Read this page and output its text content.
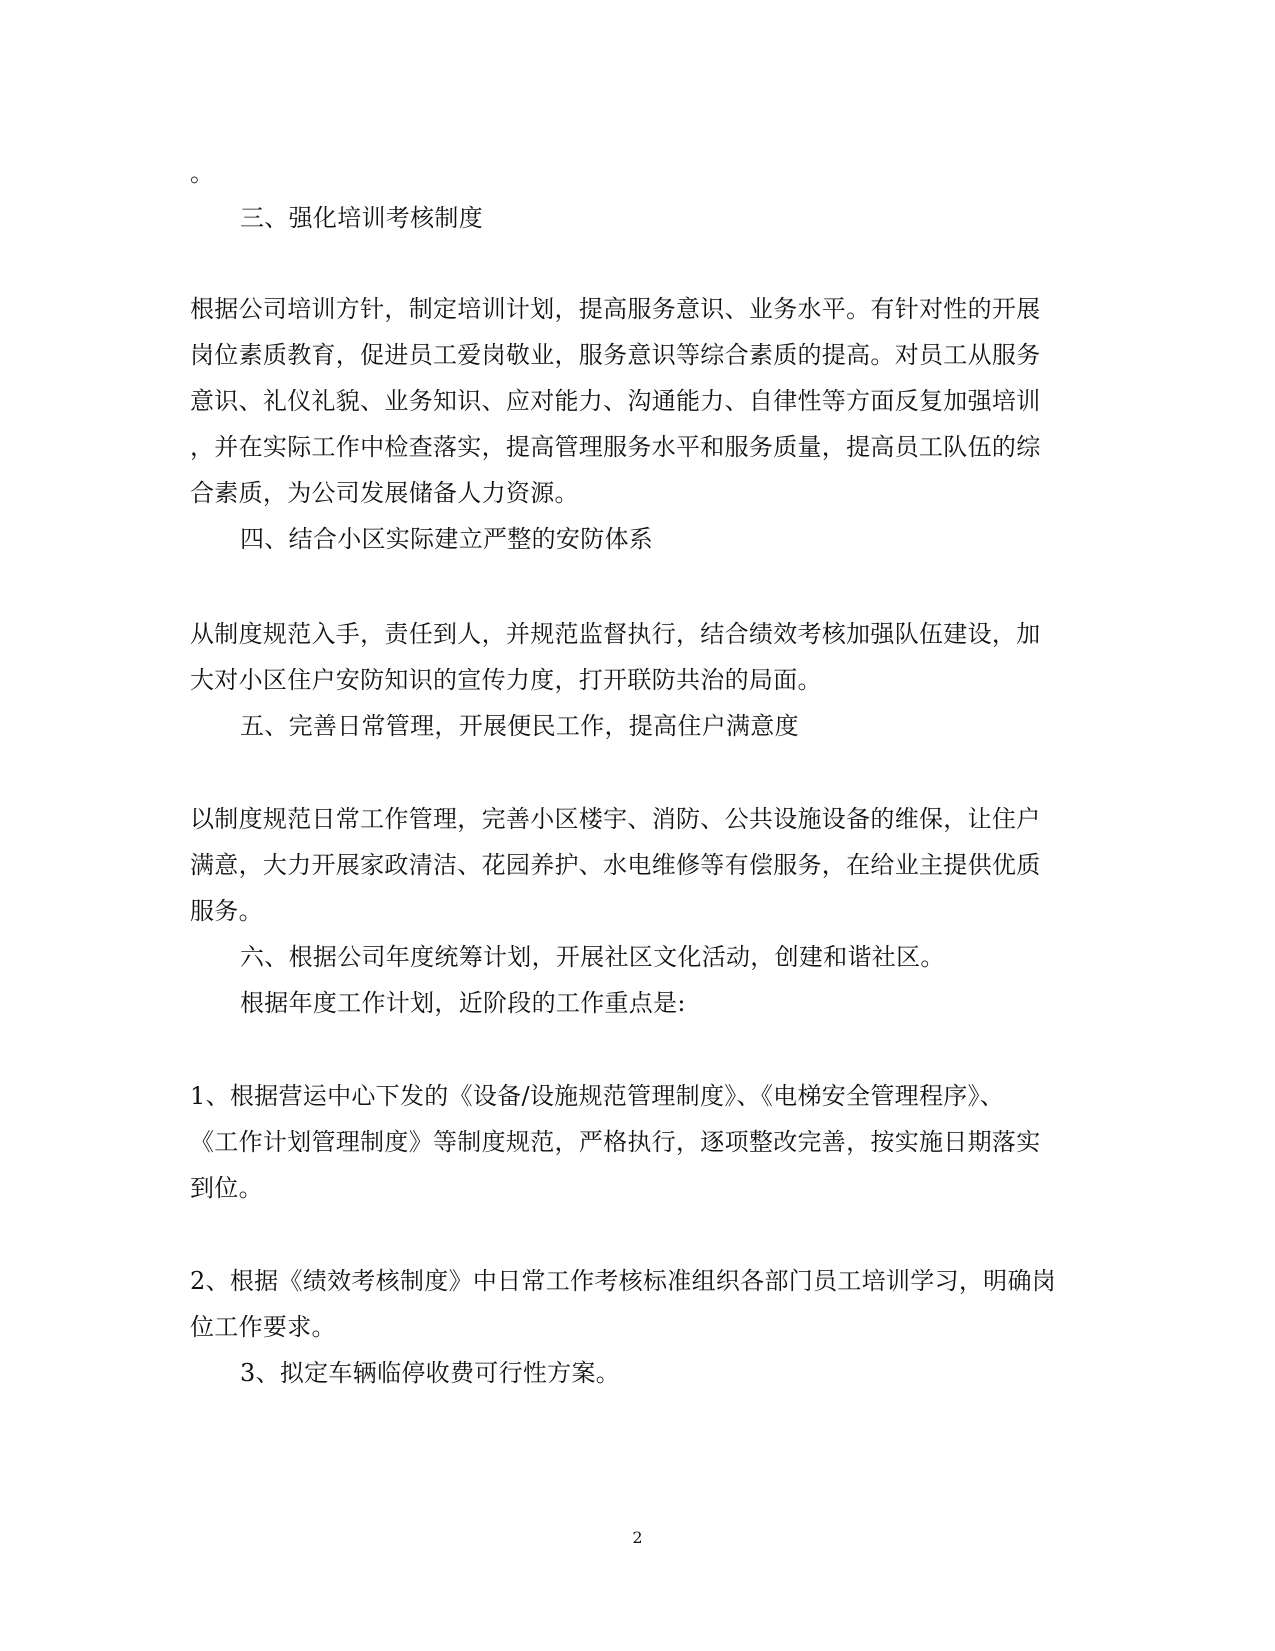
。
三、强化培训考核制度
根据公司培训方针，制定培训计划，提高服务意识、业务水平。有针对性的开展
岗位素质教育，促进员工爱岗敬业，服务意识等综合素质的提高。对员工从服务
意识、礼仪礼貌、业务知识、应对能力、沟通能力、自律性等方面反复加强培训
，并在实际工作中检查落实，提高管理服务水平和服务质量，提高员工队伍的综
合素质，为公司发展储备人力资源。
四、结合小区实际建立严整的安防体系
从制度规范入手，责任到人，并规范监督执行，结合绩效考核加强队伍建设，加
大对小区住户安防知识的宣传力度，打开联防共治的局面。
五、完善日常管理，开展便民工作，提高住户满意度
以制度规范日常工作管理，完善小区楼宇、消防、公共设施设备的维保，让住户
满意，大力开展家政清洁、花园养护、水电维修等有偿服务，在给业主提供优质
服务。
六、根据公司年度统筹计划，开展社区文化活动，创建和谐社区。
根据年度工作计划，近阶段的工作重点是:
1、根据营运中心下发的《设备/设施规范管理制度》、《电梯安全管理程序》、
《工作计划管理制度》等制度规范，严格执行，逐项整改完善，按实施日期落实
到位。
2、根据《绩效考核制度》中日常工作考核标准组织各部门员工培训学习，明确岗
位工作要求。
3、拟定车辆临停收费可行性方案。
2
